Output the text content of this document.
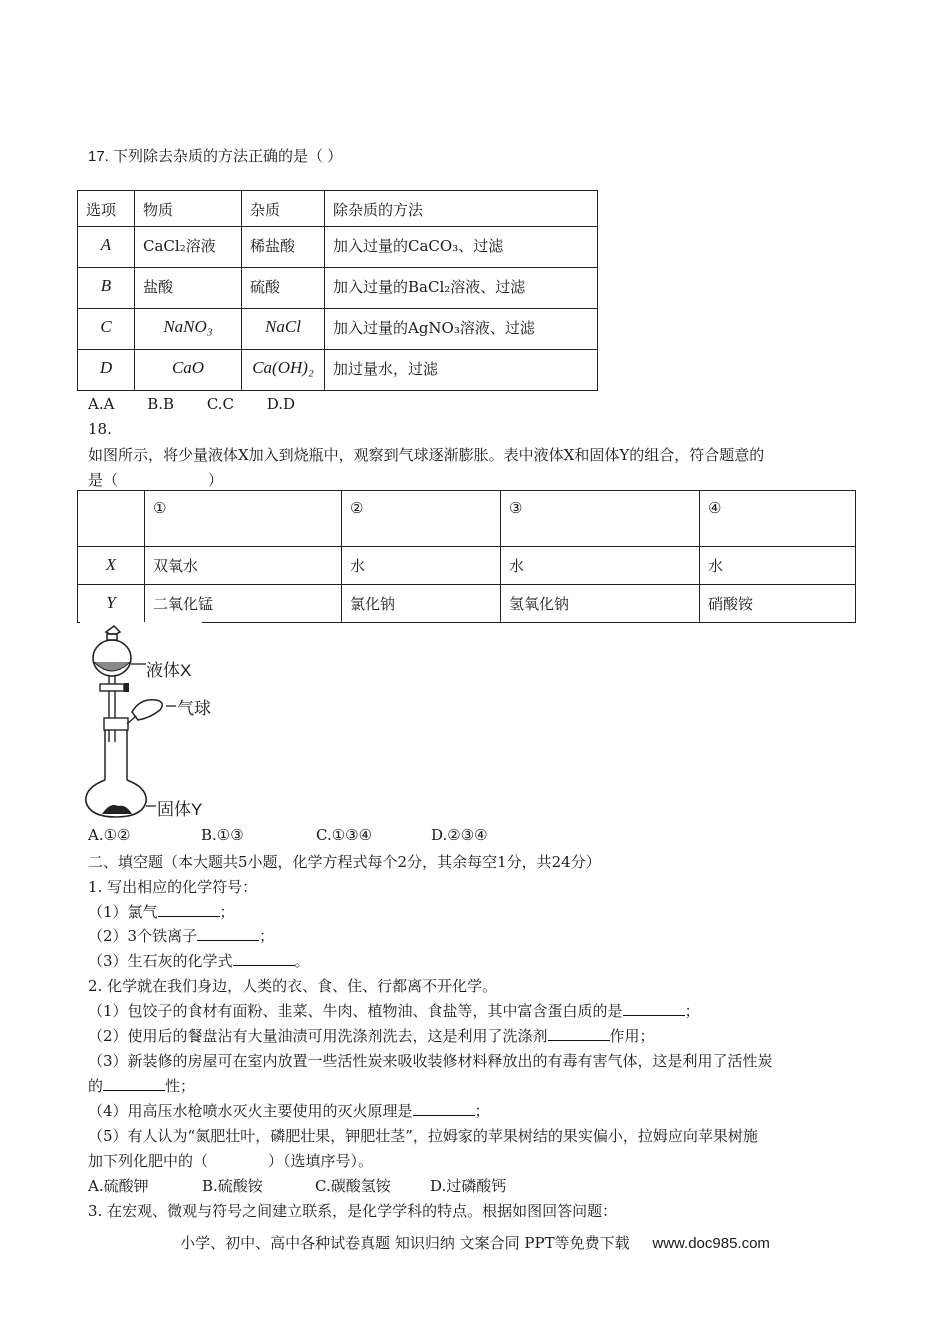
17. 下列除去杂质的方法正确的是（ ）
选项	物质	杂质	除杂质的方法
A	CaCl₂溶液	稀盐酸	加入过量的CaCO₃、过滤
B	盐酸	硫酸	加入过量的BaCl₂溶液、过滤
C	NaNO₃	NaCl	加入过量的AgNO₃溶液、过滤
D	CaO	Ca(OH)₂	加过量水，过滤
A.A B.B C.C D.D
18.
如图所示，将少量液体X加入到烧瓶中，观察到气球逐渐膨胀。表中液体X和固体Y的组合，符合题意的
是（　　　　　　）
	①	②	③	④
X	双氧水	水	水	水
Y	二氧化锰	氯化钠	氢氧化钠	硝酸铵
液体X
气球
固体Y
A.①②	B.①③	C.①③④	D.②③④
二、填空题（本大题共5小题，化学方程式每个2分，其余每空1分，共24分）
1. 写出相应的化学符号：
（1）氯气	；
（2）3个铁离子	；
（3）生石灰的化学式	。
2. 化学就在我们身边，人类的衣、食、住、行都离不开化学。
（1）包饺子的食材有面粉、韭菜、牛肉、植物油、食盐等，其中富含蛋白质的是	；
（2）使用后的餐盘沾有大量油渍可用洗涤剂洗去，这是利用了洗涤剂	作用；
（3）新装修的房屋可在室内放置一些活性炭来吸收装修材料释放出的有毒有害气体，这是利用了活性炭
的	性；
（4）用高压水枪喷水灭火主要使用的灭火原理是	；
（5）有人认为“氮肥壮叶，磷肥壮果，钾肥壮茎”，拉姆家的苹果树结的果实偏小，拉姆应向苹果树施
加下列化肥中的（　　　　）（选填序号）。
A.硫酸钾	B.硫酸铵	C.碳酸氢铵	D.过磷酸钙
3. 在宏观、微观与符号之间建立联系，是化学学科的特点。根据如图回答问题：
小学、初中、高中各种试卷真题 知识归纳 文案合同 PPT等免费下载 www.doc985.com
